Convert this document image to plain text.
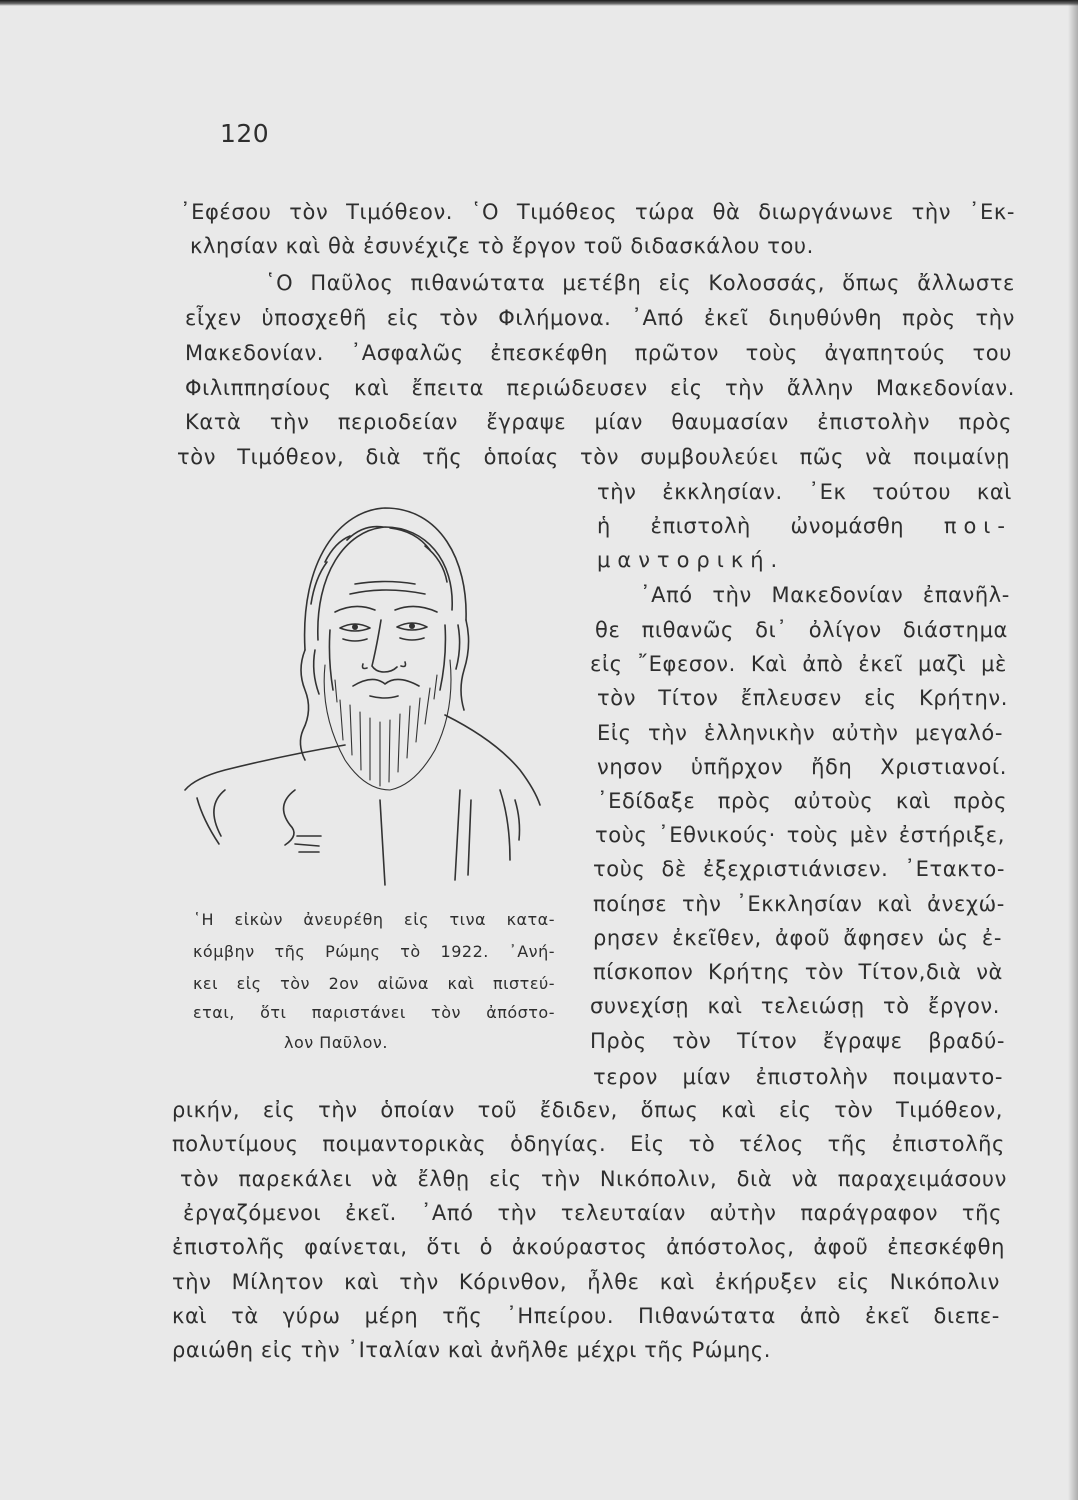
120
᾿Εφέσου τὸν Τιμόθεον. ῾Ο Τιμόθεος τώρα θὰ διωργάνωνε τὴν ᾿Εκ-
κλησίαν καὶ θὰ ἐσυνέχιζε τὸ ἔργον τοῦ διδασκάλου του.
῾Ο Παῦλος πιθανώτατα μετέβη εἰς Κολοσσάς, ὅπως ἄλλωστε
εἶχεν ὑποσχεθῆ εἰς τὸν Φιλήμονα. ᾿Από ἐκεῖ διηυθύνθη πρὸς τὴν
Μακεδονίαν. ᾿Ασφαλῶς ἐπεσκέφθη πρῶτον τοὺς ἀγαπητούς του
Φιλιππησίους καὶ ἔπειτα περιώδευσεν εἰς τὴν ἄλλην Μακεδονίαν.
Κατὰ τὴν περιοδείαν ἔγραψε μίαν θαυμασίαν ἐπιστολὴν πρὸς
τὸν Τιμόθεον, διὰ τῆς ὁποίας τὸν συμβουλεύει πῶς νὰ ποιμαίνῃ
῾Η εἰκὼν ἀνευρέθη εἰς τινα κατα-
κόμβην τῆς Ρώμης τὸ 1922. ᾿Ανή-
κει εἰς τὸν 2ον αἰῶνα καὶ πιστεύ-
εται, ὅτι παριστάνει τὸν ἀπόστο-
λον Παῦλον.
τὴν ἐκκλησίαν. ᾿Εκ τούτου καὶ
ἡ ἐπιστολὴ ὠνομάσθη ποι-
μαντορική.
᾿Από τὴν Μακεδονίαν ἐπανῆλ-
θε πιθανῶς δι᾿ ὀλίγον διάστημα
εἰς ῎Εφεσον. Καὶ ἀπὸ ἐκεῖ μαζὶ μὲ
τὸν Τίτον ἔπλευσεν εἰς Κρήτην.
Εἰς τὴν ἑλληνικὴν αὐτὴν μεγαλό-
νησον ὑπῆρχον ἤδη Χριστιανοί.
᾿Εδίδαξε πρὸς αὐτοὺς καὶ πρὸς
τοὺς ᾿Εθνικούς· τοὺς μὲν ἐστήριξε,
τοὺς δὲ ἐξεχριστιάνισεν. ᾿Ετακτο-
ποίησε τὴν ᾿Εκκλησίαν καὶ ἀνεχώ-
ρησεν ἐκεῖθεν, ἀφοῦ ἄφησεν ὡς ἐ-
πίσκοπον Κρήτης τὸν Τίτον,διὰ νὰ
συνεχίσῃ καὶ τελειώσῃ τὸ ἔργον.
Πρὸς τὸν Τίτον ἔγραψε βραδύ-
τερον μίαν ἐπιστολὴν ποιμαντο-
ρικήν, εἰς τὴν ὁποίαν τοῦ ἔδιδεν, ὅπως καὶ εἰς τὸν Τιμόθεον,
πολυτίμους ποιμαντορικὰς ὁδηγίας. Εἰς τὸ τέλος τῆς ἐπιστολῆς
τὸν παρεκάλει νὰ ἔλθῃ εἰς τὴν Νικόπολιν, διὰ νὰ παραχειμάσουν
ἐργαζόμενοι ἐκεῖ. ᾿Από τὴν τελευταίαν αὐτὴν παράγραφον τῆς
ἐπιστολῆς φαίνεται, ὅτι ὁ ἀκούραστος ἀπόστολος, ἀφοῦ ἐπεσκέφθη
τὴν Μίλητον καὶ τὴν Κόρινθον, ἦλθε καὶ ἐκήρυξεν εἰς Νικόπολιν
καὶ τὰ γύρω μέρη τῆς ᾿Ηπείρου. Πιθανώτατα ἀπὸ ἐκεῖ διεπε-
ραιώθη εἰς τὴν ᾿Ιταλίαν καὶ ἀνῆλθε μέχρι τῆς Ρώμης.
